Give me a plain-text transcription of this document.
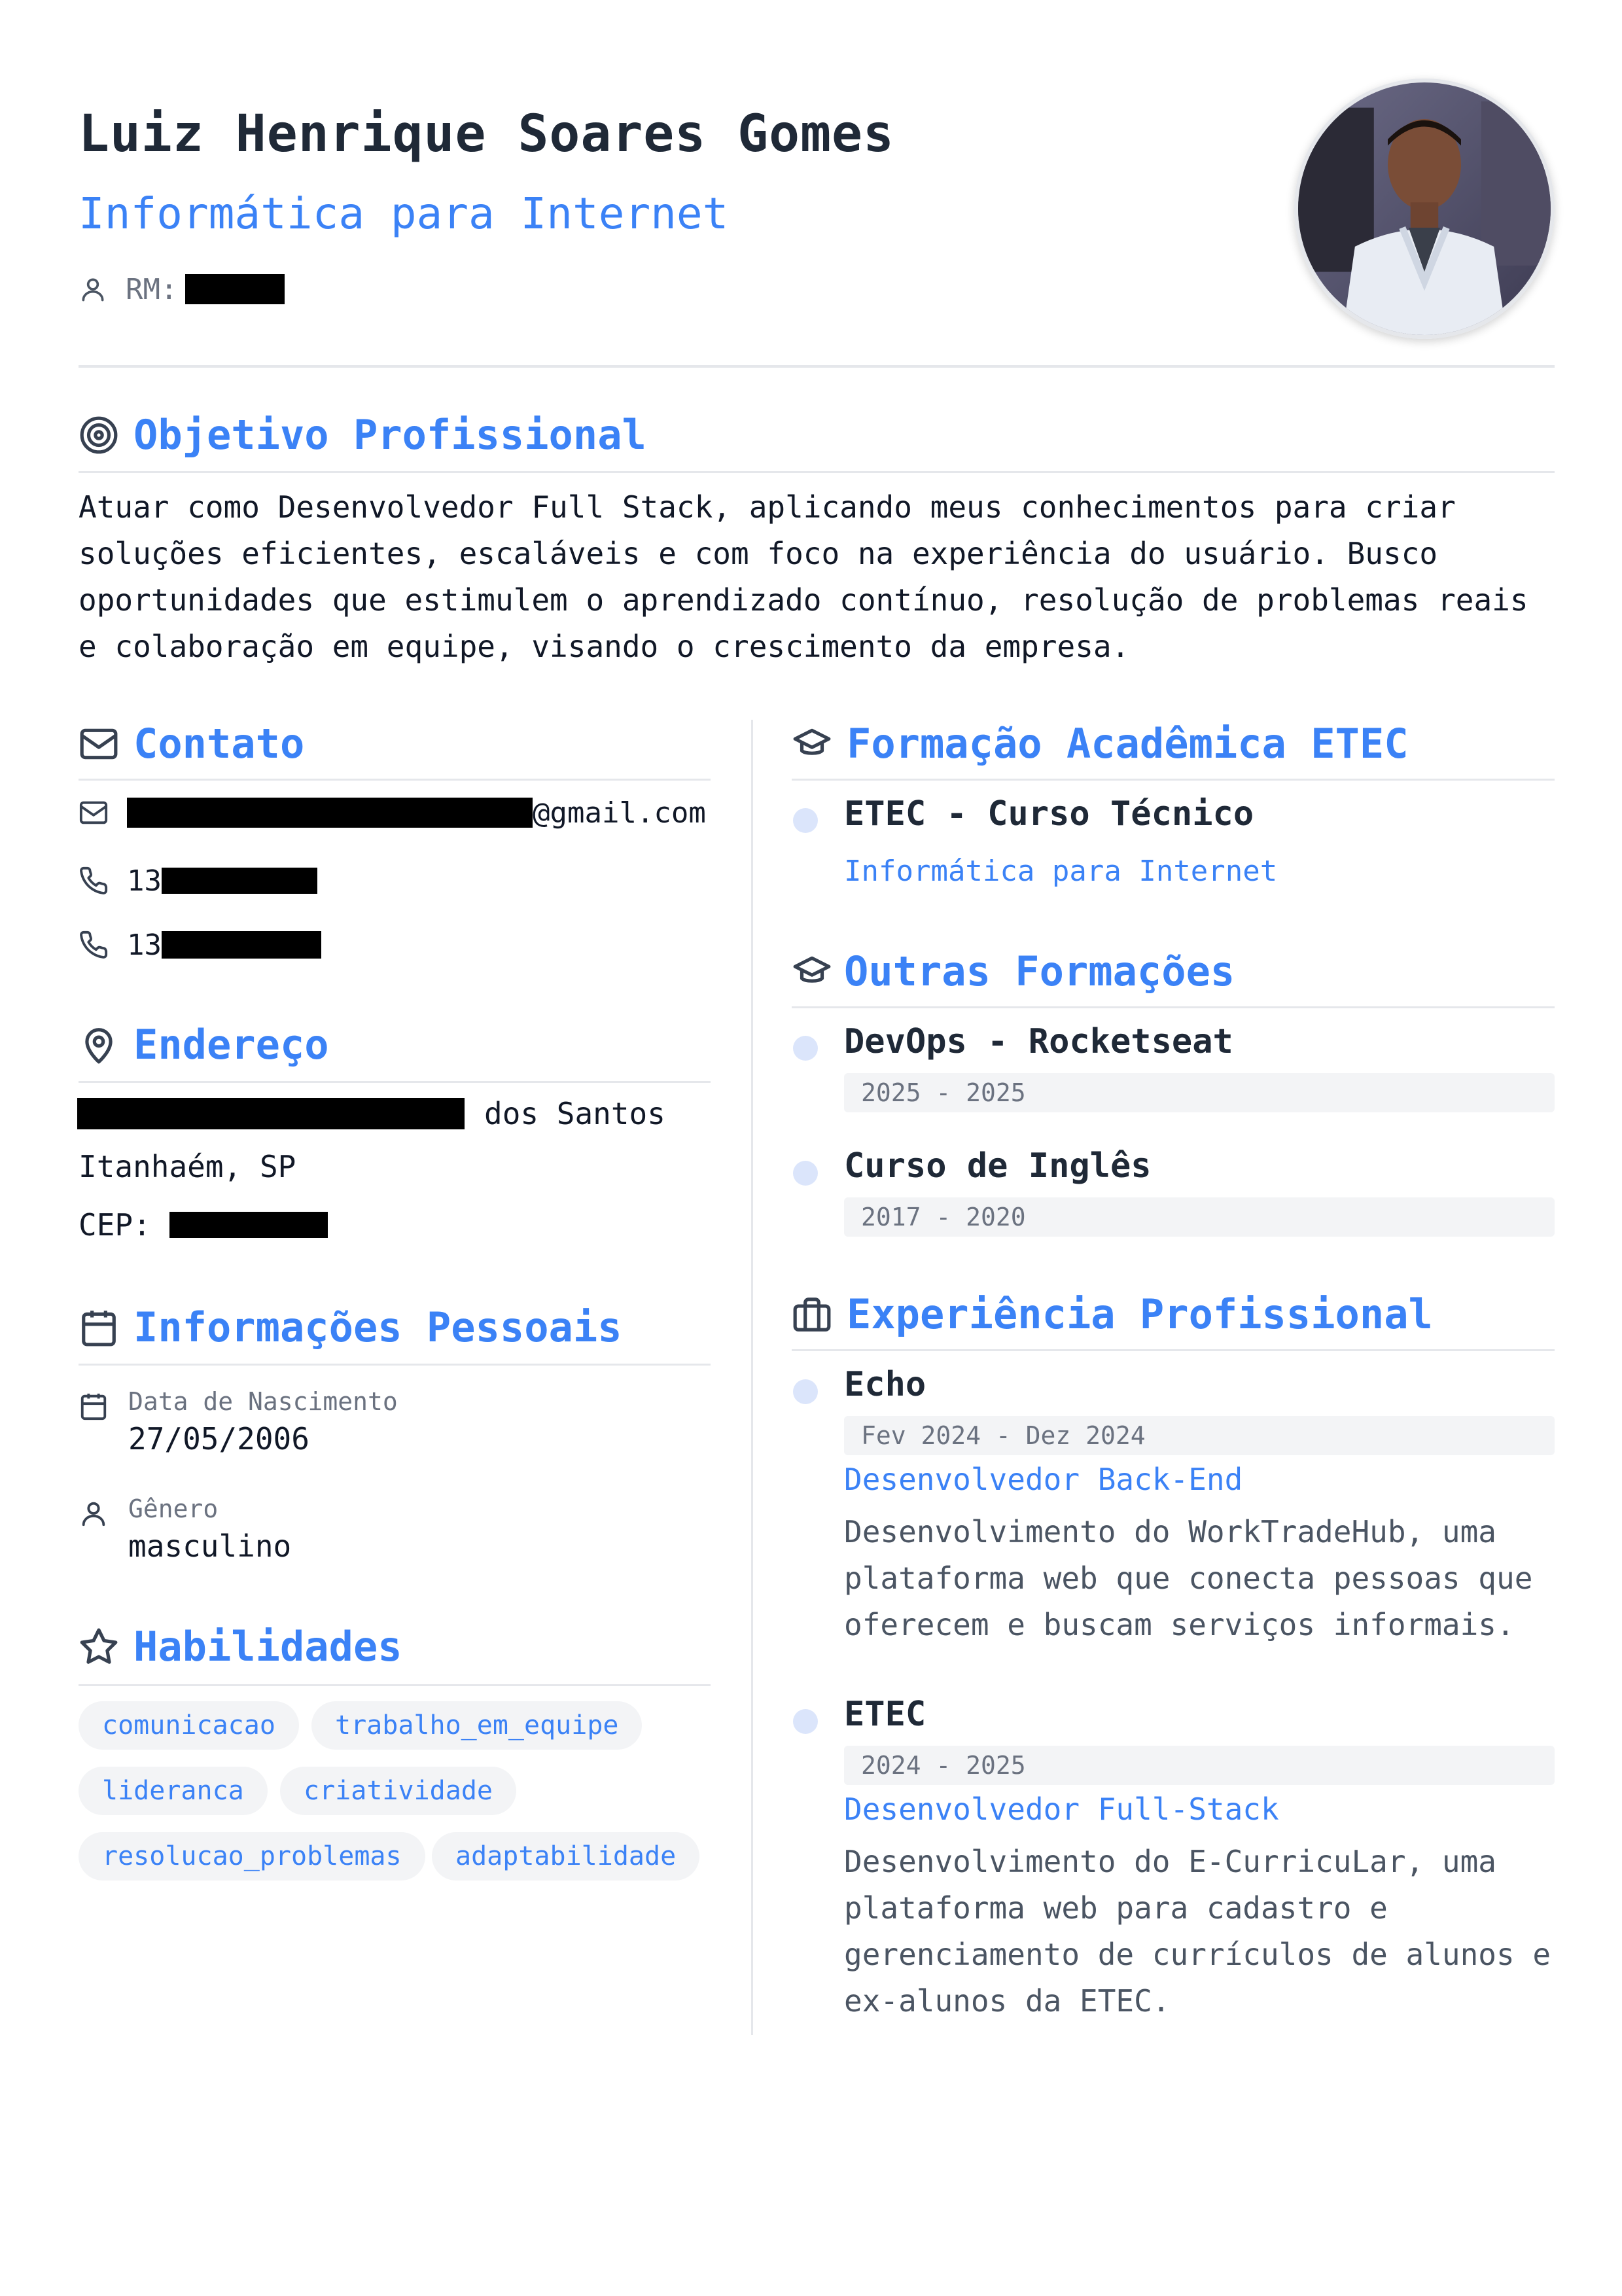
Luiz Henrique Soares Gomes
Informática para Internet
RM:
Objetivo Profissional
Atuar como Desenvolvedor Full Stack, aplicando meus conhecimentos para criar soluções eficientes, escaláveis e com foco na experiência do usuário. Busco oportunidades que estimulem o aprendizado contínuo, resolução de problemas reais e colaboração em equipe, visando o crescimento da empresa.
Contato
@gmail.com
13
13
Endereço
dos Santos
Itanhaém, SP
CEP:
Informações Pessoais
Data de Nascimento
27/05/2006
Gênero
masculino
Habilidades
comunicacao	trabalho_em_equipe
lideranca	criatividade
resolucao_problemas	adaptabilidade
Formação Acadêmica ETEC
ETEC - Curso Técnico
Informática para Internet
Outras Formações
DevOps - Rocketseat
2025 - 2025
Curso de Inglês
2017 - 2020
Experiência Profissional
Echo
Fev 2024 - Dez 2024
Desenvolvedor Back-End
Desenvolvimento do WorkTradeHub, uma plataforma web que conecta pessoas que oferecem e buscam serviços informais.
ETEC
2024 - 2025
Desenvolvedor Full-Stack
Desenvolvimento do E-CurricuLar, uma plataforma web para cadastro e gerenciamento de currículos de alunos e ex-alunos da ETEC.
